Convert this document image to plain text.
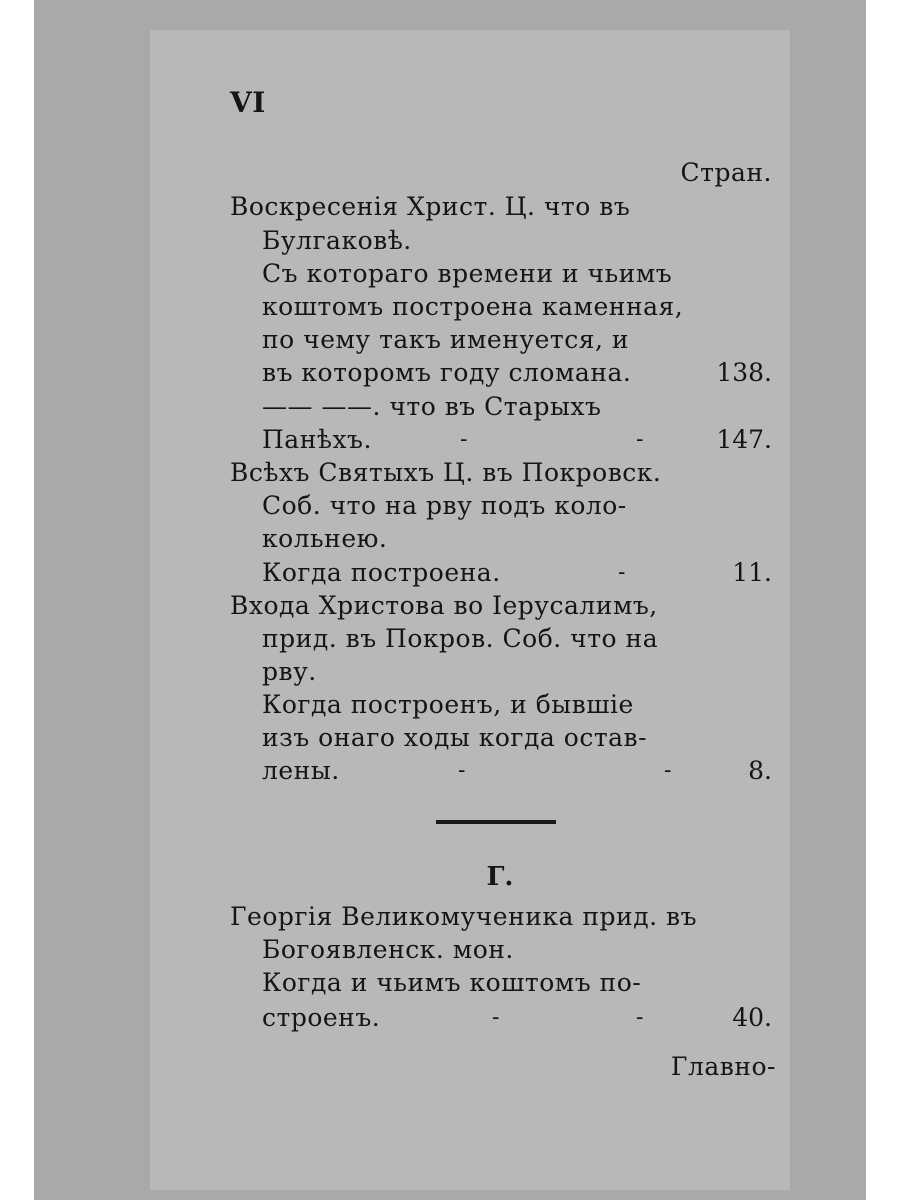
VI
Стран.
Воскресенія Христ. Ц. что въ
Булгаковѣ.
Съ котораго времени и чьимъ
коштомъ построена каменная,
по чему такъ именуется, и
въ которомъ году сломана.	138.
—— ——. что въ Старыхъ
Панѣхъ.	-	-	147.
Всѣхъ Святыхъ Ц. въ Покровск.
Соб. что на рву подъ коло-
кольнею.
Когда построена.	-	11.
Входа Христова во Іерусалимъ,
прид. въ Покров. Соб. что на
рву.
Когда построенъ, и бывшіе
изъ онаго ходы когда остав-
лены.	-	-	8.
Г.
Георгія Великомученика прид. въ
Богоявленск. мон.
Когда и чьимъ коштомъ по-
строенъ.	-	-	40.
Главно-
